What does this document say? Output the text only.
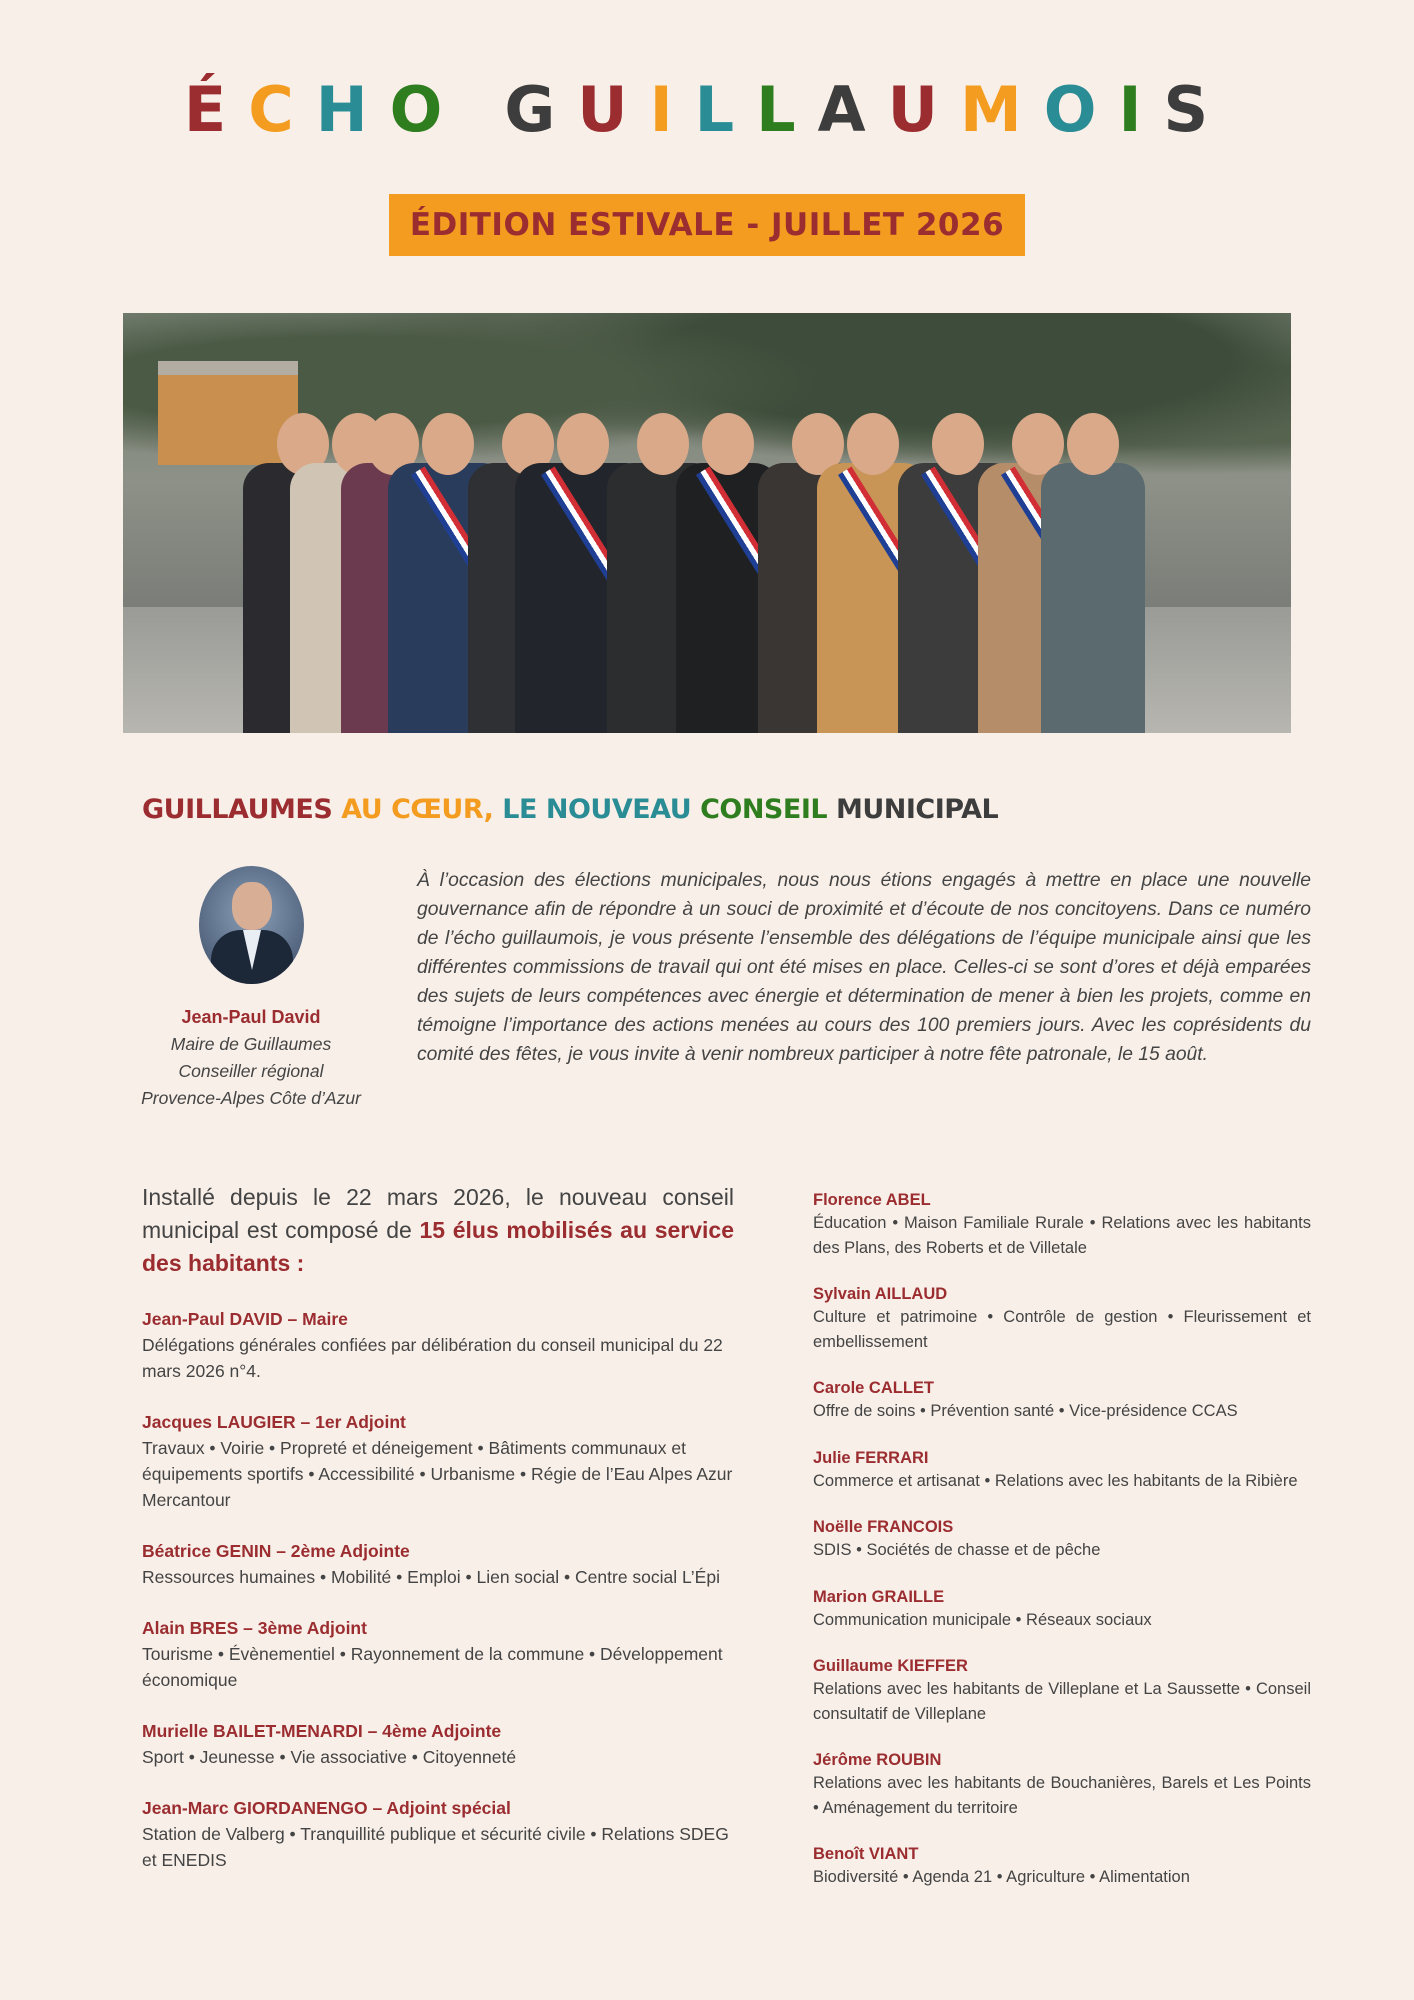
ÉCHO GUILLAUMOIS
ÉDITION ESTIVALE - JUILLET 2026
GUILLAUMES AU CŒUR, LE NOUVEAU CONSEIL MUNICIPAL
Jean-Paul David
Maire de Guillaumes
Conseiller régional
Provence-Alpes Côte d’Azur
À l’occasion des élections municipales, nous nous étions engagés à mettre en place une nouvelle gouvernance afin de répondre à un souci de proximité et d’écoute de nos concitoyens. Dans ce numéro de l’écho guillaumois, je vous présente l’ensemble des délégations de l’équipe municipale ainsi que les différentes commissions de travail qui ont été mises en place. Celles-ci se sont d’ores et déjà emparées des sujets de leurs compétences avec énergie et détermination de mener à bien les projets, comme en témoigne l’importance des actions menées au cours des 100 premiers jours. Avec les coprésidents du comité des fêtes, je vous invite à venir nombreux participer à notre fête patronale, le 15 août.
Installé depuis le 22 mars 2026, le nouveau conseil municipal est composé de 15 élus mobilisés au service des habitants :
Jean-Paul DAVID – Maire
Délégations générales confiées par délibération du conseil municipal du 22 mars 2026 n°4.
Jacques LAUGIER – 1er Adjoint
Travaux • Voirie • Propreté et déneigement • Bâtiments communaux et équipements sportifs • Accessibilité • Urbanisme • Régie de l’Eau Alpes Azur Mercantour
Béatrice GENIN – 2ème Adjointe
Ressources humaines • Mobilité • Emploi • Lien social • Centre social L’Épi
Alain BRES – 3ème Adjoint
Tourisme • Évènementiel • Rayonnement de la commune • Développement économique
Murielle BAILET-MENARDI – 4ème Adjointe
Sport • Jeunesse • Vie associative • Citoyenneté
Jean-Marc GIORDANENGO – Adjoint spécial
Station de Valberg • Tranquillité publique et sécurité civile • Relations SDEG et ENEDIS
Florence ABEL
Éducation • Maison Familiale Rurale • Relations avec les habitants des Plans, des Roberts et de Villetale
Sylvain AILLAUD
Culture et patrimoine • Contrôle de gestion • Fleurissement et embellissement
Carole CALLET
Offre de soins • Prévention santé • Vice-présidence CCAS
Julie FERRARI
Commerce et artisanat • Relations avec les habitants de la Ribière
Noëlle FRANCOIS
SDIS • Sociétés de chasse et de pêche
Marion GRAILLE
Communication municipale • Réseaux sociaux
Guillaume KIEFFER
Relations avec les habitants de Villeplane et La Saussette • Conseil consultatif de Villeplane
Jérôme ROUBIN
Relations avec les habitants de Bouchanières, Barels et Les Points • Aménagement du territoire
Benoît VIANT
Biodiversité • Agenda 21 • Agriculture • Alimentation
